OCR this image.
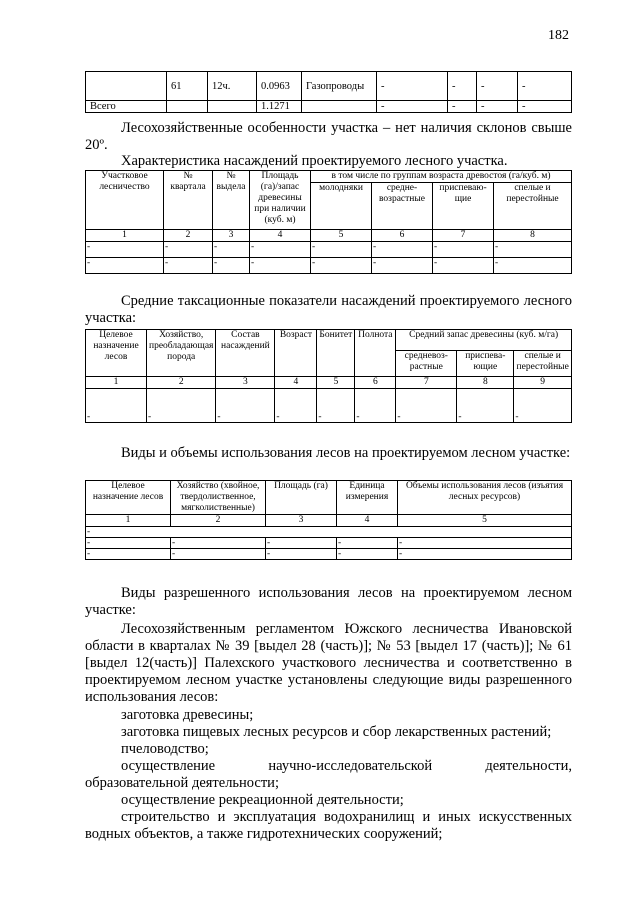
182
	61	12ч.	0.0963	Газопроводы	-	-	-	-
Всего			1.1271		-	-	-	-
Лесохозяйственные особенности участка – нет наличия склонов свыше 20º.
Характеристика насаждений проектируемого лесного участка.
Участковое лесничество	№ квартала	№ выдела	Площадь (га)/запас древесины при наличии (куб. м)	в том числе по группам возраста древостоя (га/куб. м)			
				молодняки	средне-возрастные	приспеваю-щие	спелые и перестойные
1	2	3	4	5	6	7	8
-	-	-	-	-	-	-	-
-	-	-	-	-	-	-	-
Средние таксационные показатели насаждений проектируемого лесного участка:
Целевое назначение лесов	Хозяйство, преобладающая порода	Состав насаждений	Возраст	Бонитет	Полнота	Средний запас древесины (куб. м/га)		
						средневоз-растные	приспева-ющие	спелые и перестойные
1	2	3	4	5	6	7	8	9
-	-	-	-	-	-	-	-	-
Виды и объемы использования лесов на проектируемом лесном участке:
Целевое назначение лесов	Хозяйство (хвойное, твердолиственное, мягколиственные)	Площадь (га)	Единица измерения	Объемы использования лесов (изъятия лесных ресурсов)
1	2	3	4	5
-				
-	-	-	-	-
-	-	-	-	-
Виды разрешенного использования лесов на проектируемом лесном участке:
Лесохозяйственным регламентом Южского лесничества Ивановской области в кварталах № 39 [выдел 28 (часть)]; № 53 [выдел 17 (часть)]; № 61 [выдел 12(часть)] Палехского участкового лесничества и соответственно в проектируемом лесном участке установлены следующие виды разрешенного использования лесов:
заготовка древесины;
заготовка пищевых лесных ресурсов и сбор лекарственных растений;
пчеловодство;
осуществление научно-исследовательской деятельности, образовательной деятельности;
осуществление рекреационной деятельности;
строительство и эксплуатация водохранилищ и иных искусственных водных объектов, а также гидротехнических сооружений;
